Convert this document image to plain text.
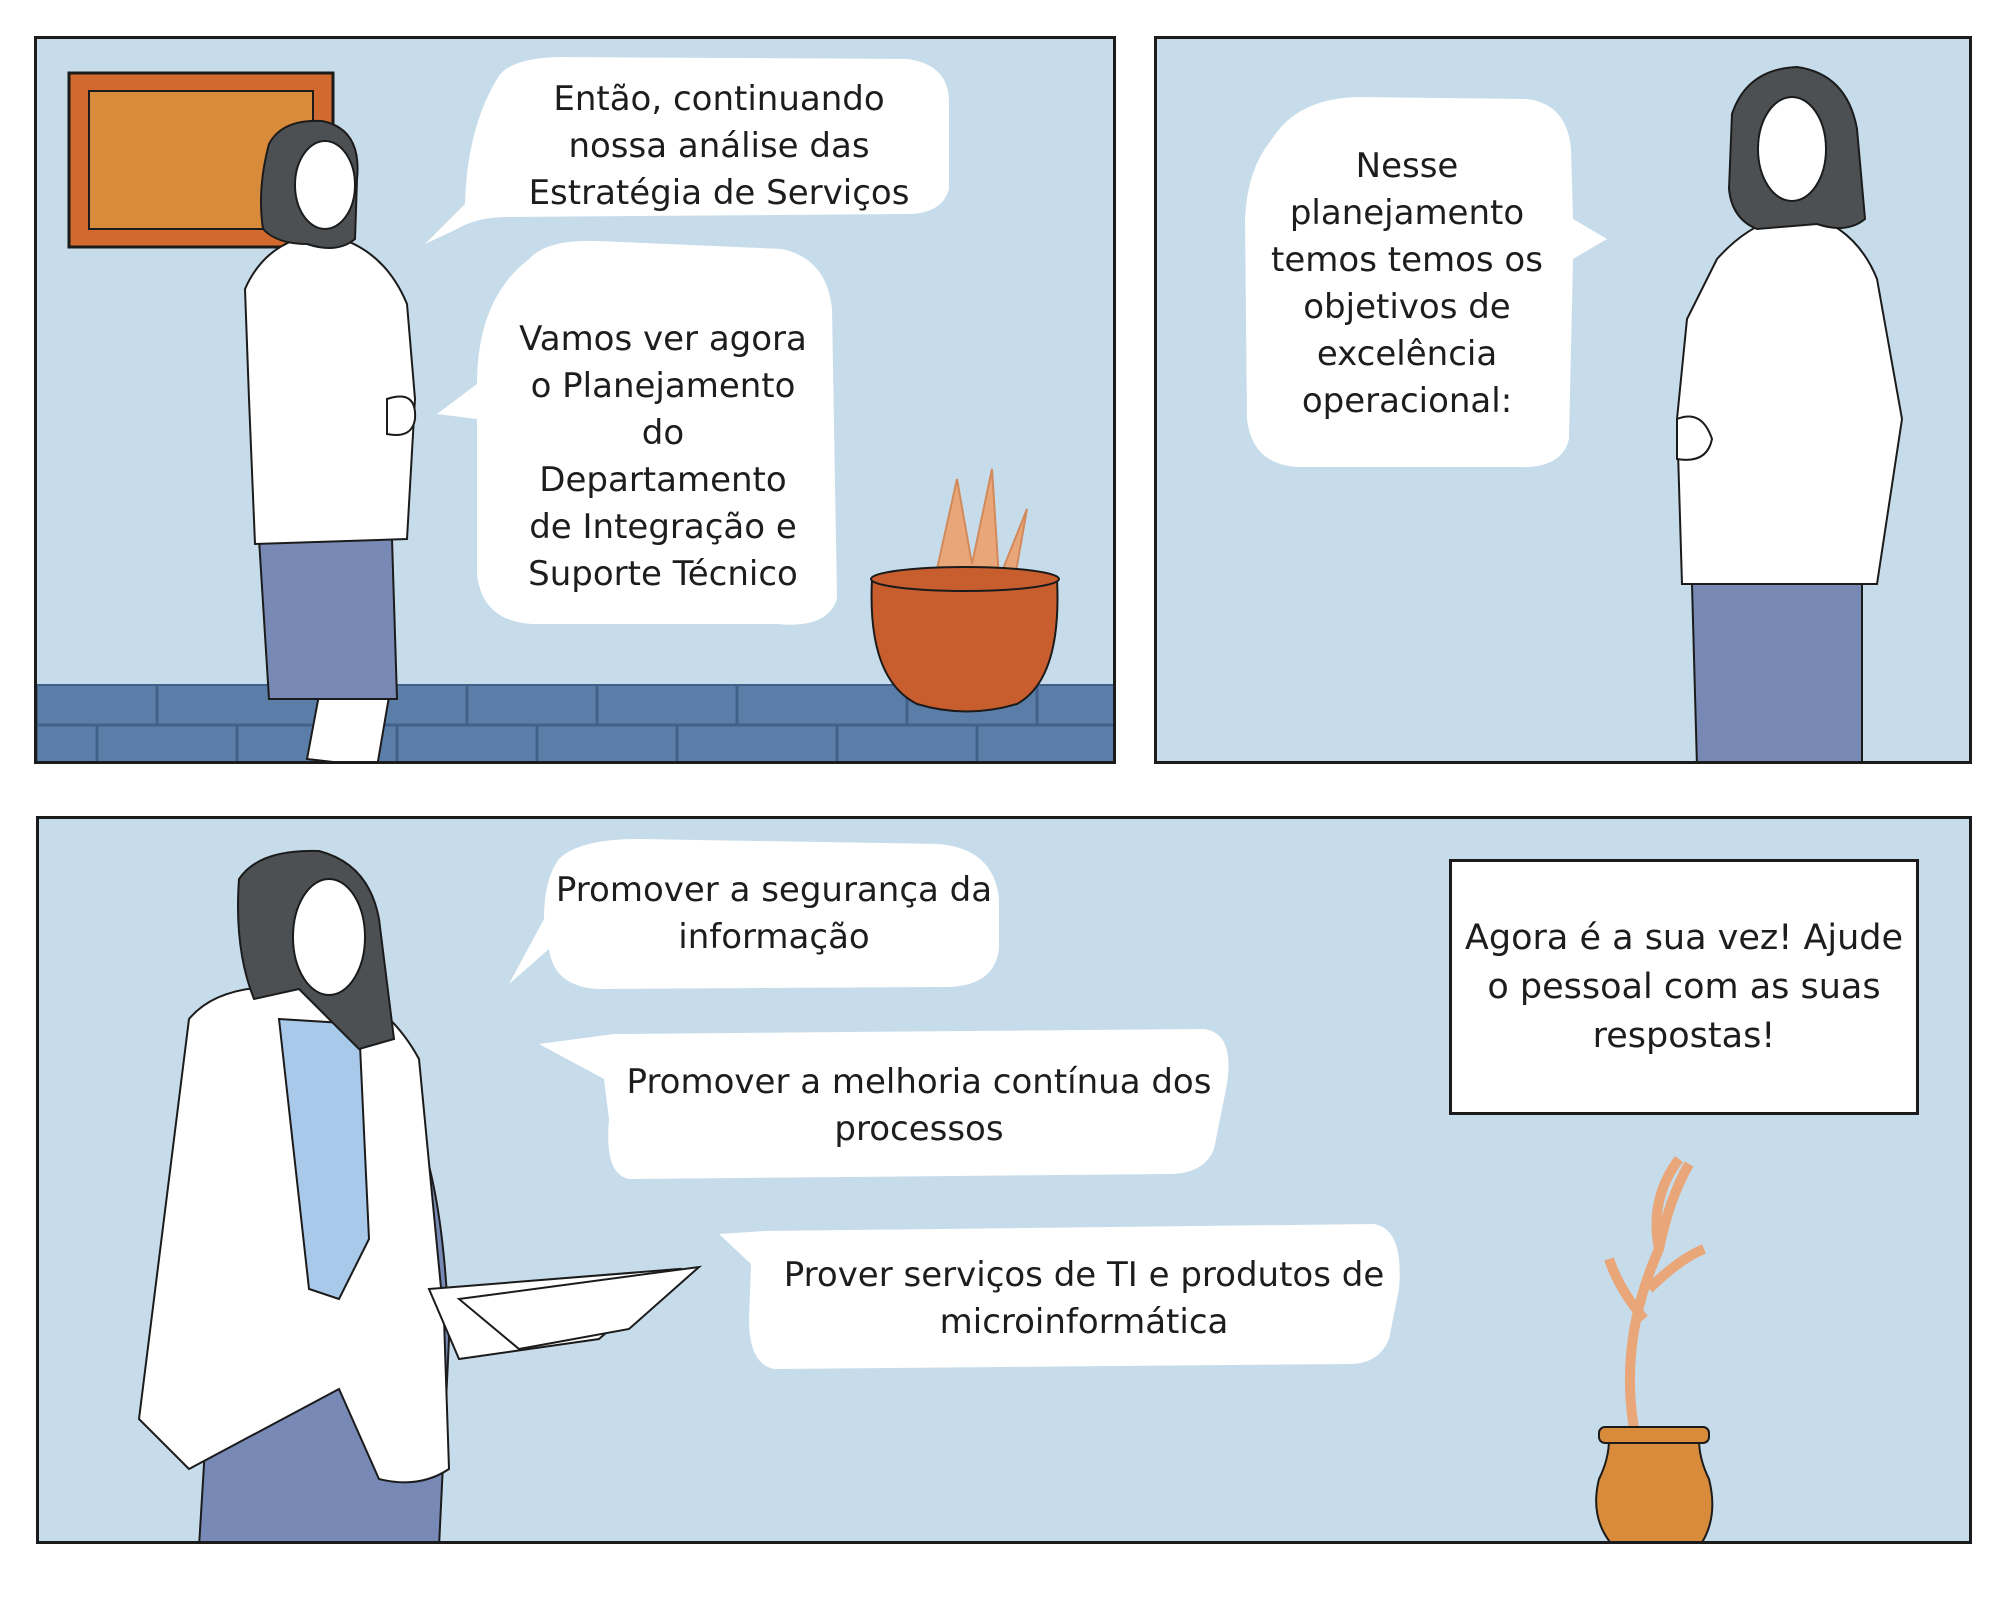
Então, continuando nossa análise das Estratégia de Serviços
Vamos ver agora o Planejamento do Departamento de Integração e Suporte Técnico
Nesse planejamento temos temos os objetivos de excelência operacional:
Promover a segurança da informação
Promover a melhoria contínua dos processos
Prover serviços de TI e produtos de microinformática
Agora é a sua vez! Ajude o pessoal com as suas respostas!
